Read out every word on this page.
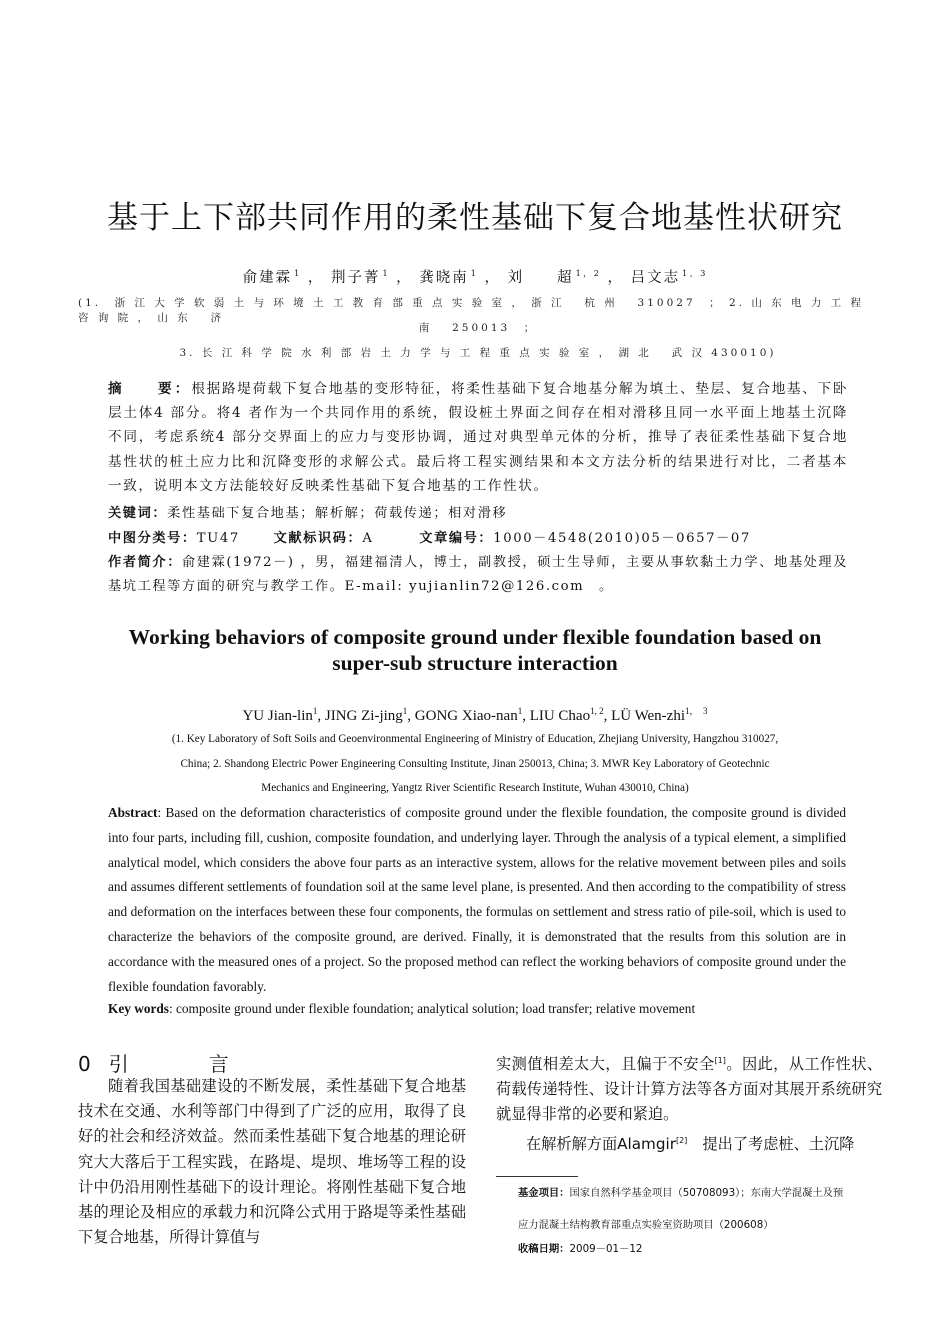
基于上下部共同作用的柔性基础下复合地基性状研究
俞建霖 $^1$ ， 荆子菁 $^1$ ， 龚晓南 $^1$ ， 刘　　超 $^{1 , 2}$ ， 吕文志 $^{1 , 3}$
(1.　浙 江 大 学 软 弱 土 与 环 境 土 工 教 育 部 重 点 实 验 室 ， 浙 江　 杭 州　 310027　； 2. 山 东 电 力 工 程 咨 询 院 ， 山 东　 济
南　 250013　；
3. 长 江 科 学 院 水 利 部 岩 土 力 学 与 工 程 重 点 实 验 室 ， 湖 北　 武 汉 430010)
摘　　要：根据路堤荷载下复合地基的变形特征，将柔性基础下复合地基分解为填土、垫层、复合地基、下卧层土体4 部分。将4 者作为一个共同作用的系统，假设桩土界面之间存在相对滑移且同一水平面上地基土沉降不同，考虑系统4 部分交界面上的应力与变形协调，通过对典型单元体的分析，推导了表征柔性基础下复合地基性状的桩土应力比和沉降变形的求解公式。最后将工程实测结果和本文方法分析的结果进行对比，二者基本一致，说明本文方法能较好反映柔性基础下复合地基的工作性状。
关键词：柔性基础下复合地基；解析解；荷载传递；相对滑移
中图分类号：TU47	文献标识码：A	文章编号：1000－4548(2010)05－0657－07
作者简介：俞建霖(1972－) ，男，福建福清人，博士，副教授，硕士生导师，主要从事软黏土力学、地基处理及基坑工程等方面的研究与教学工作。E-mail: yujianlin72@126.com　。
Working behaviors of composite ground under flexible foundation based on
super-sub structure interaction
YU Jian-lin$^1$, JING Zi-jing$^1$, GONG Xiao-nan$^1$, LIU Chao$^{1, 2}$, LÜ Wen-zhi$^{1, 3}$
(1. Key Laboratory of Soft Soils and Geoenvironmental Engineering of Ministry of Education, Zhejiang University, Hangzhou 310027,
China; 2. Shandong Electric Power Engineering Consulting Institute, Jinan 250013, China; 3. MWR Key Laboratory of Geotechnic
Mechanics and Engineering, Yangtz River Scientific Research Institute, Wuhan 430010, China)
Abstract: Based on the deformation characteristics of composite ground under the flexible foundation, the composite ground is divided into four parts, including fill, cushion, composite foundation, and underlying layer. Through the analysis of a typical element, a simplified analytical model, which considers the above four parts as an interactive system, allows for the relative movement between piles and soils and assumes different settlements of foundation soil at the same level plane, is presented. And then according to the compatibility of stress and deformation on the interfaces between these four components, the formulas on settlement and stress ratio of pile-soil, which is used to characterize the behaviors of the composite ground, are derived. Finally, it is demonstrated that the results from this solution are in accordance with the measured ones of a project. So the proposed method can reflect the working behaviors of composite ground under the flexible foundation favorably.
Key words: composite ground under flexible foundation; analytical solution; load transfer; relative movement
0 引	言
随着我国基础建设的不断发展，柔性基础下复合地基技术在交通、水利等部门中得到了广泛的应用，取得了良好的社会和经济效益。然而柔性基础下复合地基的理论研究大大落后于工程实践，在路堤、堤坝、堆场等工程的设计中仍沿用刚性基础下的设计理论。将刚性基础下复合地基的理论及相应的承载力和沉降公式用于路堤等柔性基础下复合地基，所得计算值与
实测值相差太大，且偏于不安全[1]。因此，从工作性状、荷载传递特性、设计计算方法等各方面对其展开系统研究就显得非常的必要和紧迫。
在解析解方面Alamgir[2]　提出了考虑桩、土沉降
基金项目：国家自然科学基金项目（50708093）；东南大学混凝土及预
应力混凝土结构教育部重点实验室资助项目（200608）
收稿日期：2009－01－12
